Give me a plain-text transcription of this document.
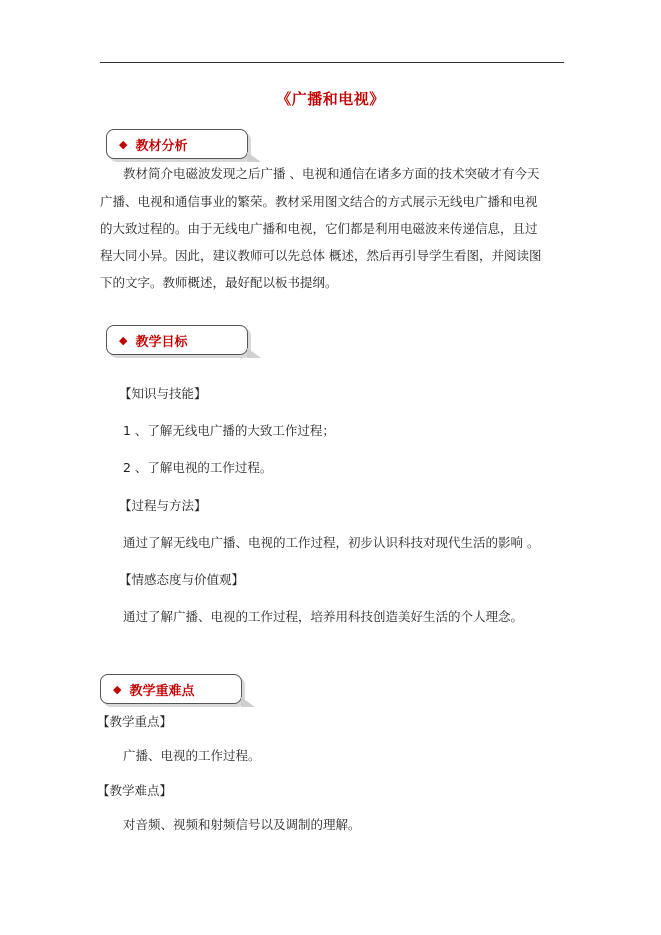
《广播和电视》
◆ 教材分析
教材简介电磁波发现之后广播 、电视和通信在诸多方面的技术突破才有今天
广播、电视和通信事业的繁荣。教材采用图文结合的方式展示无线电广播和电视
的大致过程的。由于无线电广播和电视，它们都是利用电磁波来传递信息，且过
程大同小异。因此，建议教师可以先总体 概述，然后再引导学生看图，并阅读图
下的文字。教师概述，最好配以板书提纲。
◆ 教学目标
【知识与技能】
1 、了解无线电广播的大致工作过程；
2 、了解电视的工作过程。
【过程与方法】
通过了解无线电广播、电视的工作过程，初步认识科技对现代生活的影响 。
【情感态度与价值观】
通过了解广播、电视的工作过程，培养用科技创造美好生活的个人理念。
◆ 教学重难点
【教学重点】
广播、电视的工作过程。
【教学难点】
对音频、视频和射频信号以及调制的理解。
